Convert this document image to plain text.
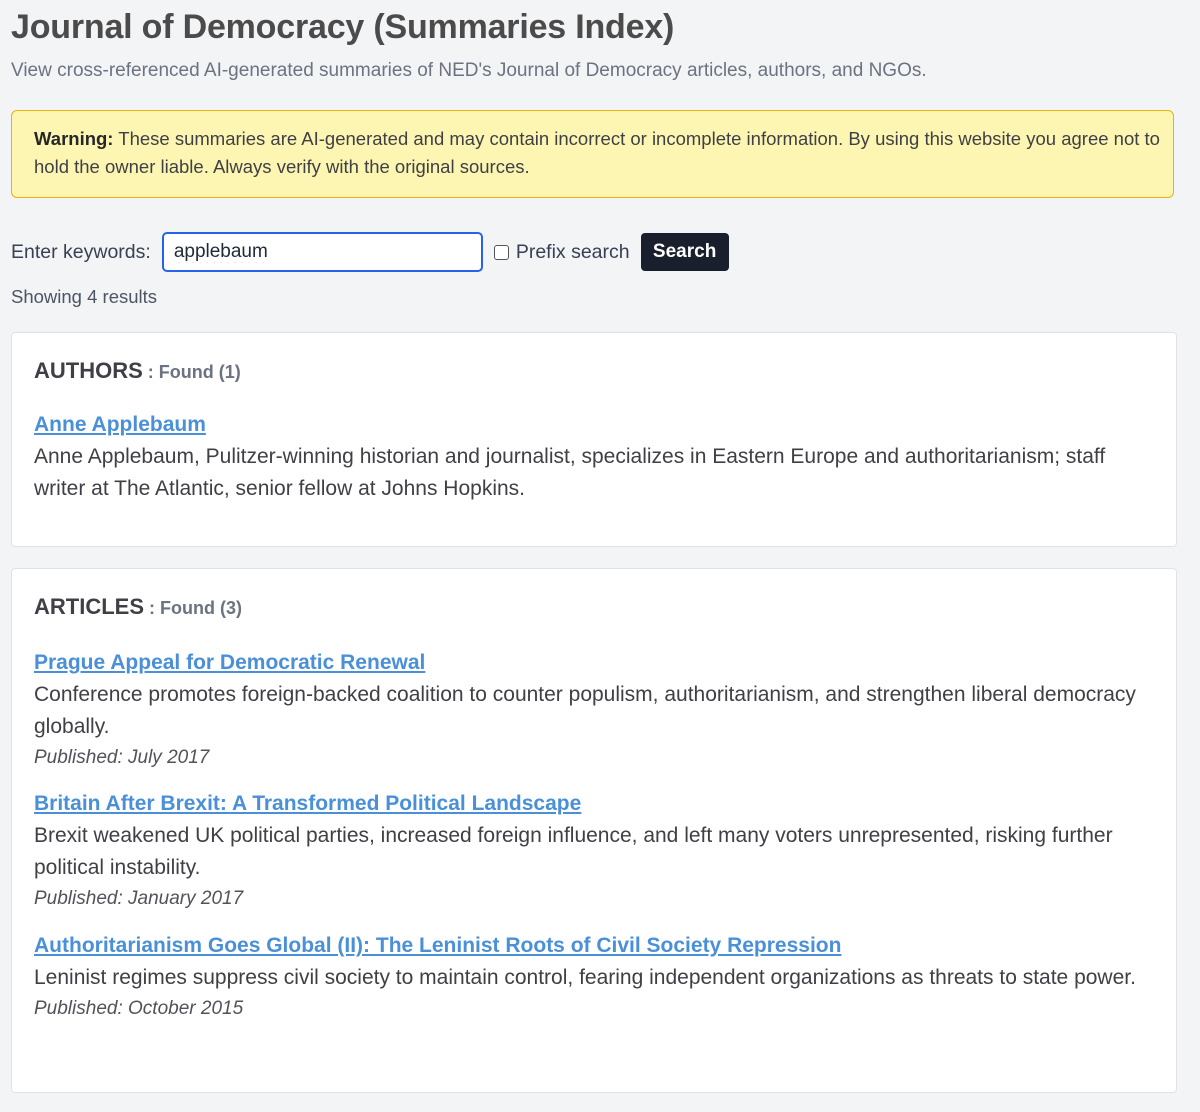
Journal of Democracy (Summaries Index)

View cross-referenced AI-generated summaries of NED's Journal of Democracy articles, authors, and NGOs.

Warning: These summaries are AI-generated and may contain incorrect or incomplete information. By using this website you agree not to hold the owner liable. Always verify with the original sources.
Enter keywords:
applebaum	Prefix search	Search

Showing 4 results

AUTHORS : Found (1)
Anne Applebaum

Anne Applebaum, Pulitzer-winning historian and journalist, specializes in Eastern Europe and authoritarianism; staff writer at The Atlantic, senior fellow at Johns Hopkins.

ARTICLES : Found (3)
Prague Appeal for Democratic Renewal

Conference promotes foreign-backed coalition to counter populism, authoritarianism, and strengthen liberal democracy globally.

Published: July 2017

Britain After Brexit: A Transformed Political Landscape

Brexit weakened UK political parties, increased foreign influence, and left many voters unrepresented, risking further political instability.

Published: January 2017

Authoritarianism Goes Global (II): The Leninist Roots of Civil Society Repression

Leninist regimes suppress civil society to maintain control, fearing independent organizations as threats to state power.

Published: October 2015
